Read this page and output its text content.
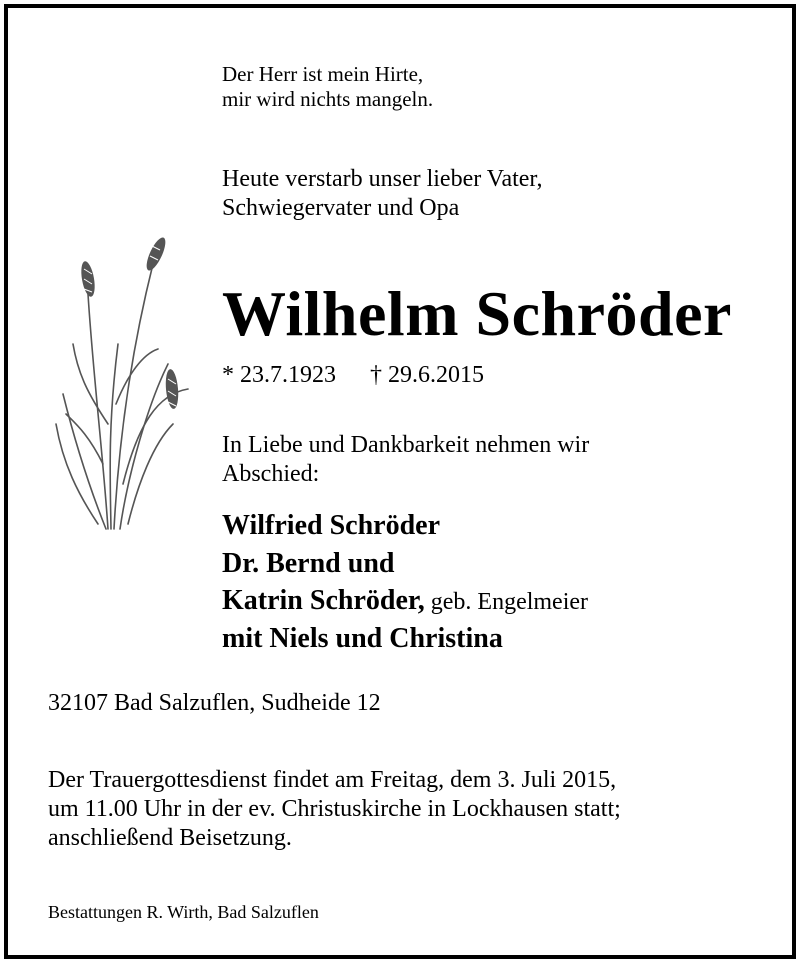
Der Herr ist mein Hirte,
mir wird nichts mangeln.
Heute verstarb unser lieber Vater,
Schwiegervater und Opa
Wilhelm Schröder
* 23.7.1923 † 29.6.2015
In Liebe und Dankbarkeit nehmen wir
Abschied:
Wilfried Schröder
Dr. Bernd und
Katrin Schröder, geb. Engelmeier
mit Niels und Christina
32107 Bad Salzuflen, Sudheide 12
Der Trauergottesdienst findet am Freitag, dem 3. Juli 2015,
um 11.00 Uhr in der ev. Christuskirche in Lockhausen statt;
anschließend Beisetzung.
Bestattungen R. Wirth, Bad Salzuflen
